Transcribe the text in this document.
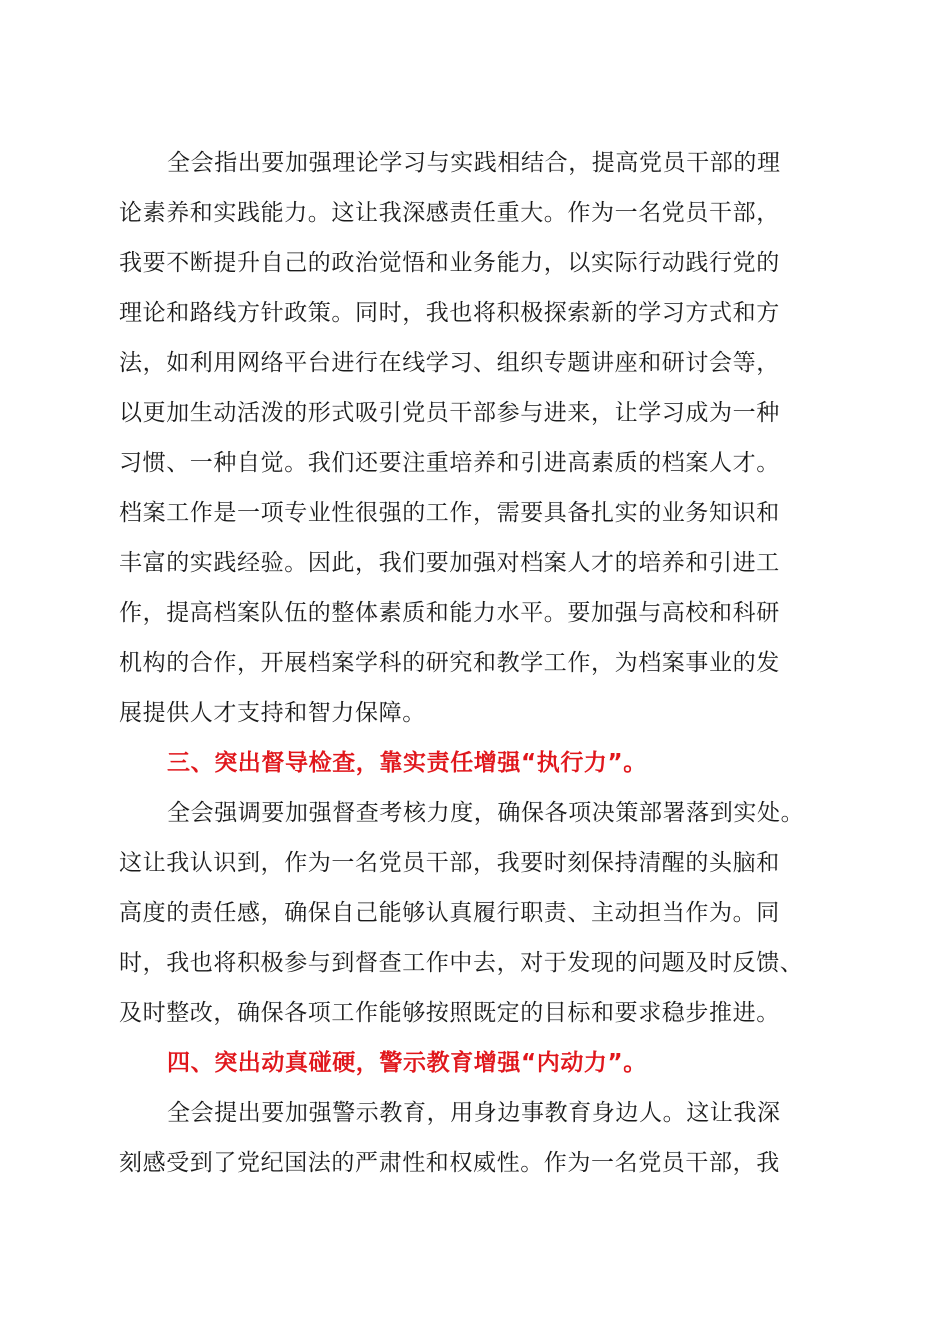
全会指出要加强理论学习与实践相结合，提高党员干部的理
论素养和实践能力。这让我深感责任重大。作为一名党员干部，
我要不断提升自己的政治觉悟和业务能力，以实际行动践行党的
理论和路线方针政策。同时，我也将积极探索新的学习方式和方
法，如利用网络平台进行在线学习、组织专题讲座和研讨会等，
以更加生动活泼的形式吸引党员干部参与进来，让学习成为一种
习惯、一种自觉。我们还要注重培养和引进高素质的档案人才。
档案工作是一项专业性很强的工作，需要具备扎实的业务知识和
丰富的实践经验。因此，我们要加强对档案人才的培养和引进工
作，提高档案队伍的整体素质和能力水平。要加强与高校和科研
机构的合作，开展档案学科的研究和教学工作，为档案事业的发
展提供人才支持和智力保障。
三、突出督导检查，靠实责任增强“执行力”。
全会强调要加强督查考核力度，确保各项决策部署落到实处。
这让我认识到，作为一名党员干部，我要时刻保持清醒的头脑和
高度的责任感，确保自己能够认真履行职责、主动担当作为。同
时，我也将积极参与到督查工作中去，对于发现的问题及时反馈、
及时整改，确保各项工作能够按照既定的目标和要求稳步推进。
四、突出动真碰硬，警示教育增强“内动力”。
全会提出要加强警示教育，用身边事教育身边人。这让我深
刻感受到了党纪国法的严肃性和权威性。作为一名党员干部，我
